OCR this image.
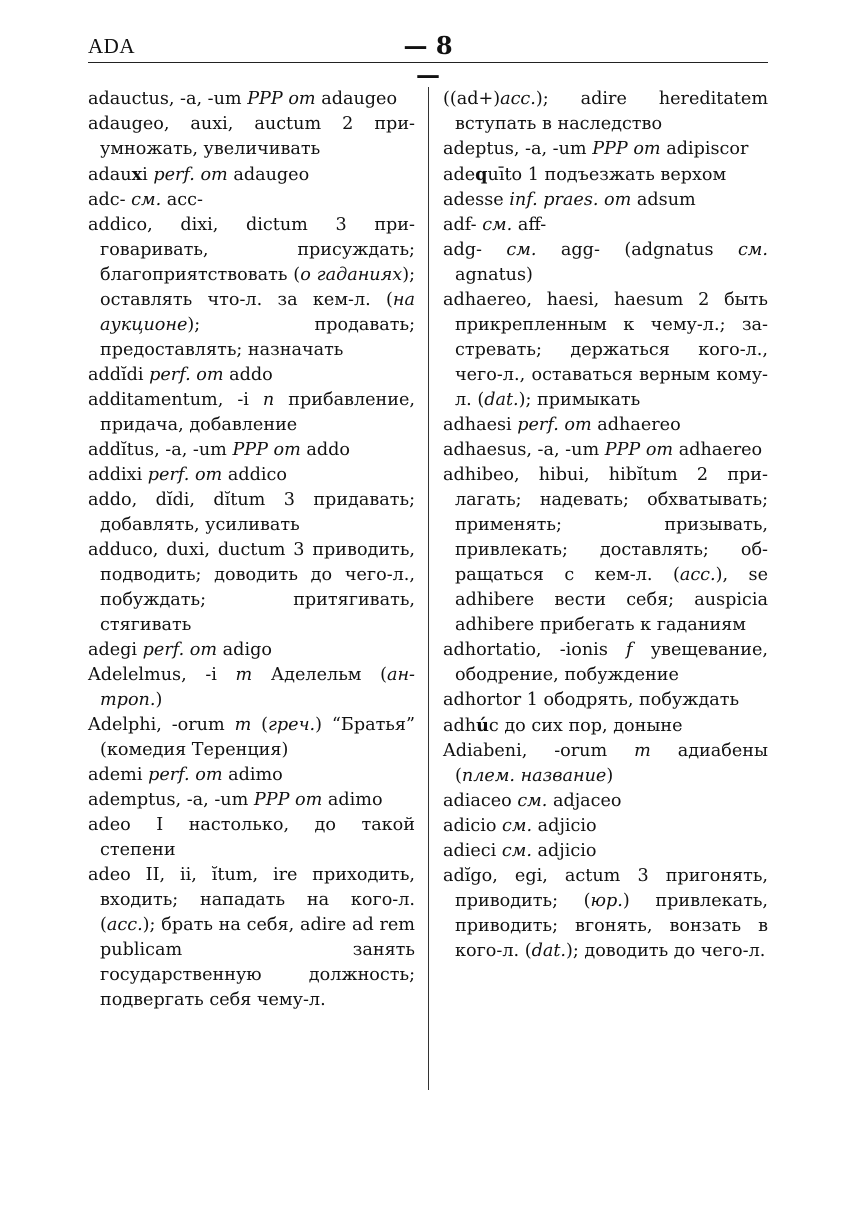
ADA	— 8 —

adauctus, -a, -um PPP от adaugeo

adaugeo, auxi, auctum 2 приумножать, увеличивать

adauxi perf. от adaugeo

adc- см. acc-

addico, dixi, dictum 3 приговаривать, присуждать; благоприятствовать (о гаданиях); оставлять что-л. за кем-л. (на аукционе); продавать; предоставлять; назначать

addĭdi perf. от addo

additamentum, -i n прибавление, придача, добавление

addĭtus, -a, -um PPP от addo

addixi perf. от addico

addo, dĭdi, dĭtum 3 придавать; добавлять, усиливать

adduco, duxi, ductum 3 приводить, подводить; доводить до чего-л., побуждать; притягивать, стягивать

adegi perf. от adigo

Adelelmus, -i m Аделельм (антроп.)

Adelphi, -orum m (греч.) “Братья” (комедия Теренция)

ademi perf. от adimo

ademptus, -a, -um PPP от adimo

adeo I настолько, до такой степени

adeo II, ii, ĭtum, ire приходить, входить; нападать на кого-л. (acc.); брать на себя, adire ad rem publicam занять государственную должность; подвергать себя чему-л.

((ad+)acc.); adire hereditatem вступать в наследство

adeptus, -a, -um PPP от adipiscor

adequīto 1 подъезжать верхом

adesse inf. praes. от adsum

adf- см. aff-

adg- см. agg- (adgnatus см. agnatus)

adhaereo, haesi, haesum 2 быть прикрепленным к чему-л.; застревать; держаться кого-л., чего-л., оставаться верным кому-л. (dat.); примыкать

adhaesi perf. от adhaereo

adhaesus, -a, -um PPP от adhaereo

adhibeo, hibui, hibĭtum 2 прилагать; надевать; обхватывать; применять; призывать, привлекать; доставлять; обращаться с кем-л. (acc.), se adhibere вести себя; auspicia adhibere прибегать к гаданиям

adhortatio, -ionis f увещевание, ободрение, побуждение

adhortor 1 ободрять, побуждать

adhúc до сих пор, доныне

Adiabeni, -orum m адиабены (плем. название)

adiaceo см. adjaceo

adicio см. adjicio

adieci см. adjicio

adĭgo, egi, actum 3 пригонять, приводить; (юр.) привлекать, приводить; вгонять, вонзать в кого-л. (dat.); доводить до чего-л.
